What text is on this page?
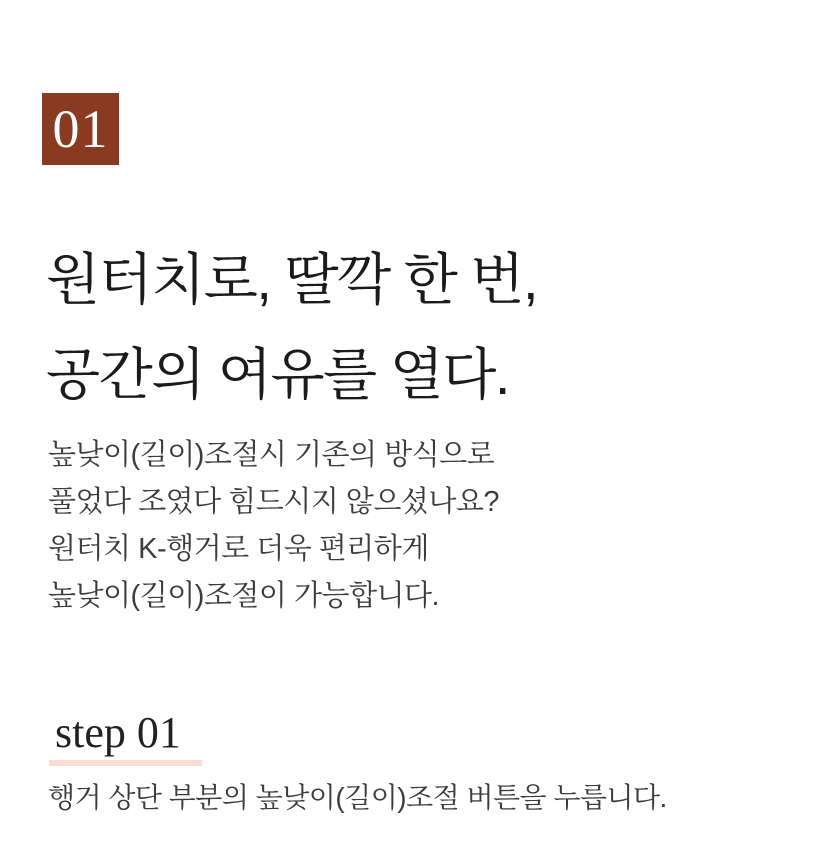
01
원터치로, 딸깍 한 번,
공간의 여유를 열다.

높낮이(길이)조절시 기존의 방식으로
풀었다 조였다 힘드시지 않으셨나요?
원터치 K-행거로 더욱 편리하게
높낮이(길이)조절이 가능합니다.

step 01

행거 상단 부분의 높낮이(길이)조절 버튼을 누릅니다.
